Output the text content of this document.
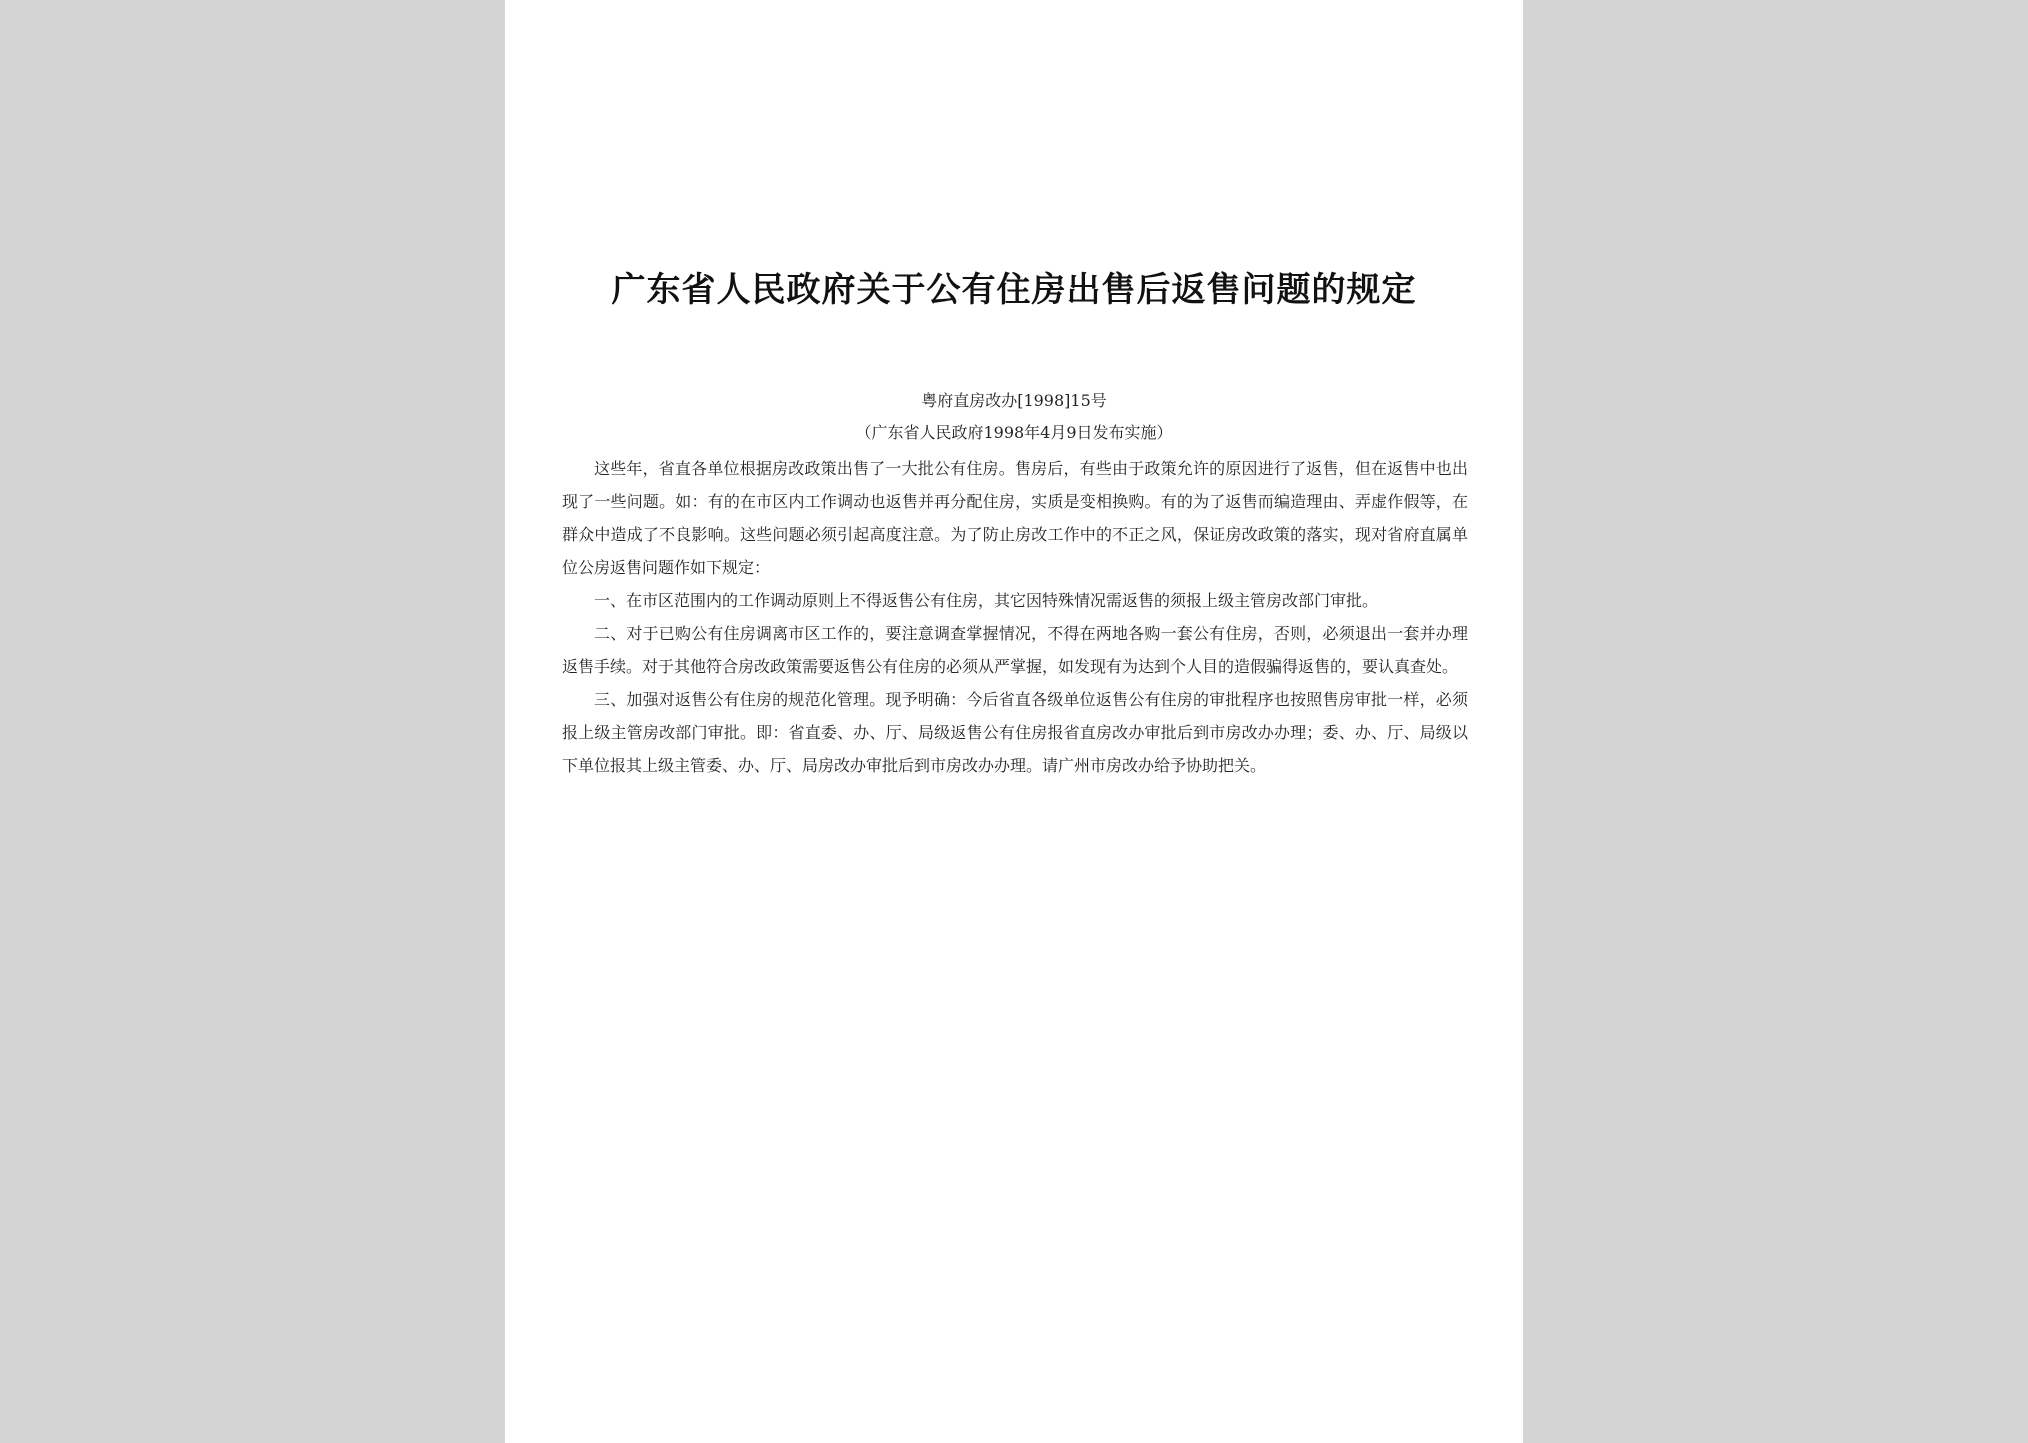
广东省人民政府关于公有住房出售后返售问题的规定
粤府直房改办[1998]15号
（广东省人民政府1998年4月9日发布实施）

这些年，省直各单位根据房改政策出售了一大批公有住房。售房后，有些由于政策允许的原因进行了返售，但在返售中也出现了一些问题。如：有的在市区内工作调动也返售并再分配住房，实质是变相换购。有的为了返售而编造理由、弄虚作假等，在群众中造成了不良影响。这些问题必须引起高度注意。为了防止房改工作中的不正之风，保证房改政策的落实，现对省府直属单位公房返售问题作如下规定：

一、在市区范围内的工作调动原则上不得返售公有住房，其它因特殊情况需返售的须报上级主管房改部门审批。

二、对于已购公有住房调离市区工作的，要注意调查掌握情况，不得在两地各购一套公有住房，否则，必须退出一套并办理返售手续。对于其他符合房改政策需要返售公有住房的必须从严掌握，如发现有为达到个人目的造假骗得返售的，要认真查处。

三、加强对返售公有住房的规范化管理。现予明确：今后省直各级单位返售公有住房的审批程序也按照售房审批一样，必须报上级主管房改部门审批。即：省直委、办、厅、局级返售公有住房报省直房改办审批后到市房改办办理；委、办、厅、局级以下单位报其上级主管委、办、厅、局房改办审批后到市房改办办理。请广州市房改办给予协助把关。
